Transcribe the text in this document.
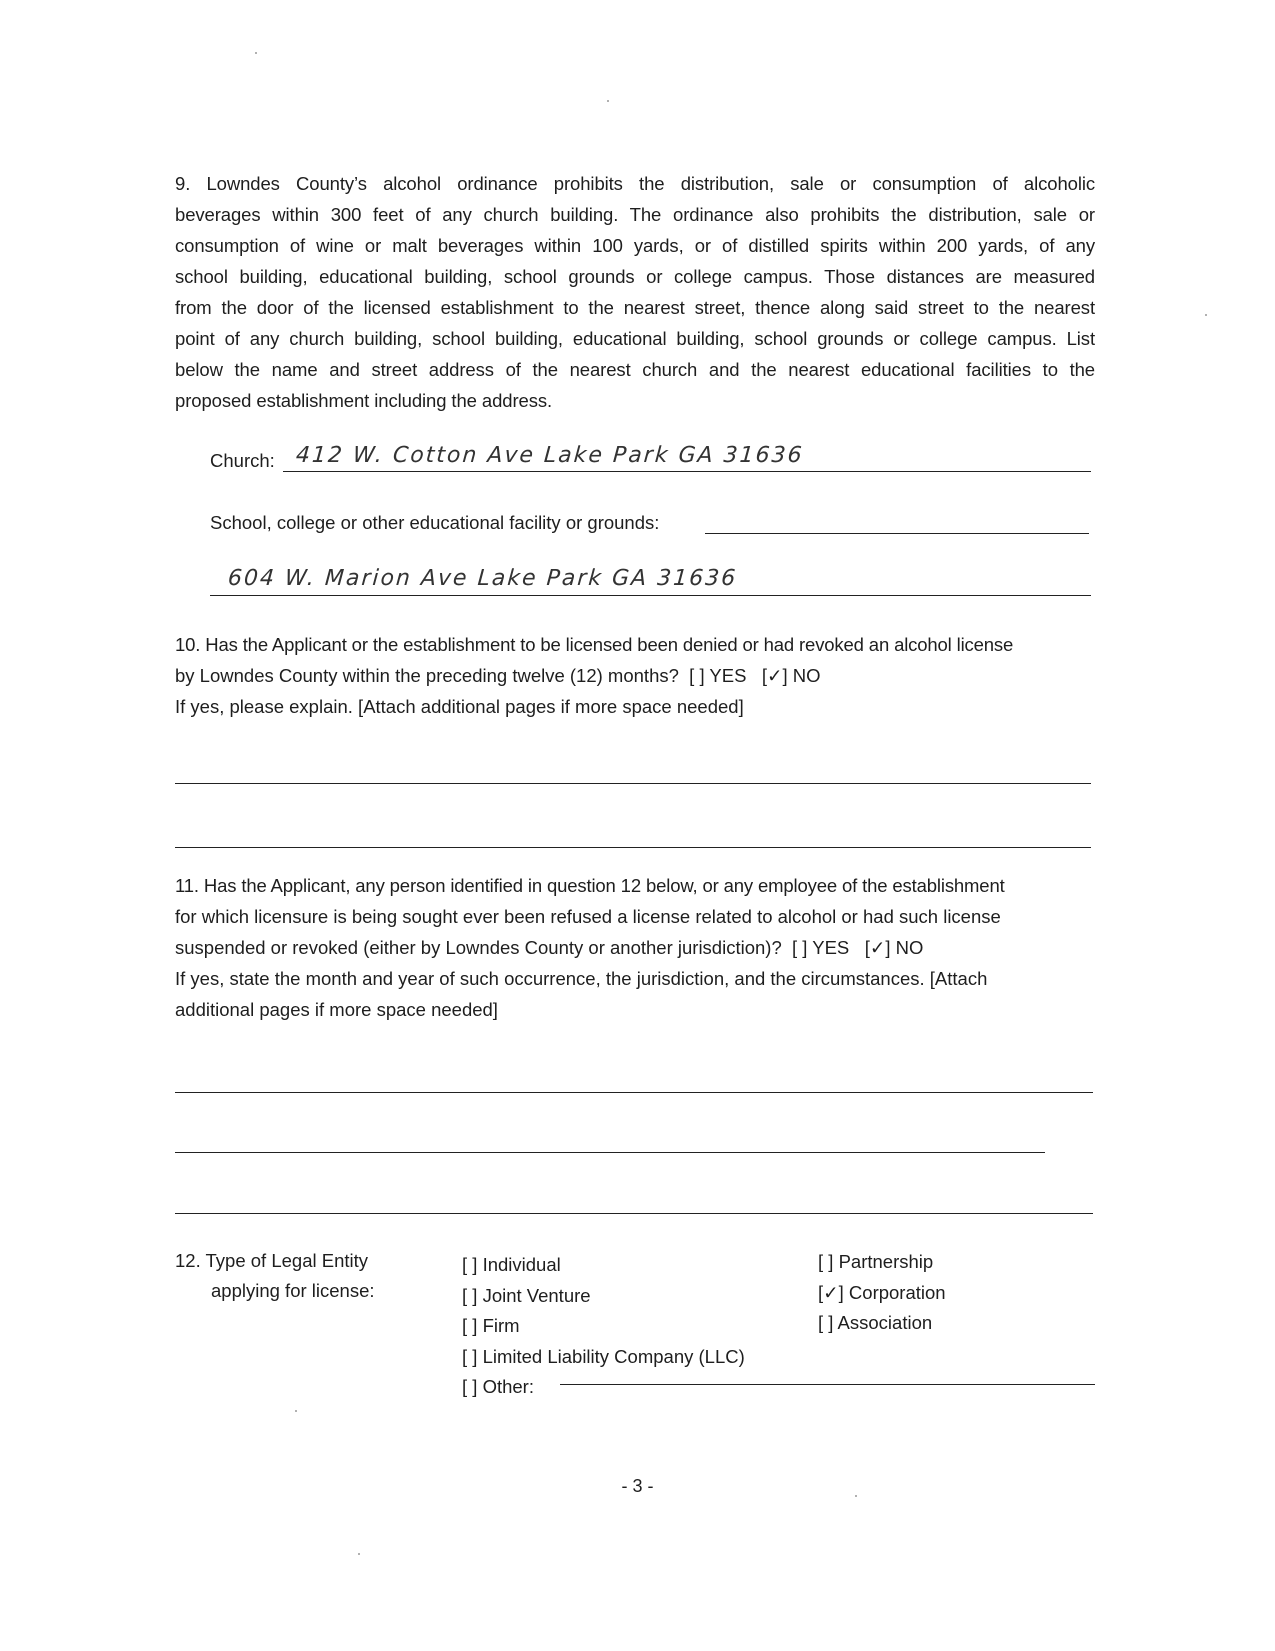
9. Lowndes County’s alcohol ordinance prohibits the distribution, sale or consumption of alcoholic
beverages within 300 feet of any church building. The ordinance also prohibits the distribution, sale or
consumption of wine or malt beverages within 100 yards, or of distilled spirits within 200 yards, of any
school building, educational building, school grounds or college campus. Those distances are measured
from the door of the licensed establishment to the nearest street, thence along said street to the nearest
point of any church building, school building, educational building, school grounds or college campus. List
below the name and street address of the nearest church and the nearest educational facilities to the
proposed establishment including the address.
Church: 412 W. Cotton Ave Lake Park GA 31636
School, college or other educational facility or grounds:
604 W. Marion Ave Lake Park GA 31636
10. Has the Applicant or the establishment to be licensed been denied or had revoked an alcohol license
by Lowndes County within the preceding twelve (12) months? [ ] YES [✓] NO
If yes, please explain. [Attach additional pages if more space needed]
11. Has the Applicant, any person identified in question 12 below, or any employee of the establishment
for which licensure is being sought ever been refused a license related to alcohol or had such license
suspended or revoked (either by Lowndes County or another jurisdiction)? [ ] YES [✓] NO
If yes, state the month and year of such occurrence, the jurisdiction, and the circumstances. [Attach
additional pages if more space needed]
12. Type of Legal Entity
applying for license:
[ ] Individual
[ ] Joint Venture
[ ] Firm
[ ] Limited Liability Company (LLC)
[ ] Other:
[ ] Partnership
[✓] Corporation
[ ] Association
- 3 -
